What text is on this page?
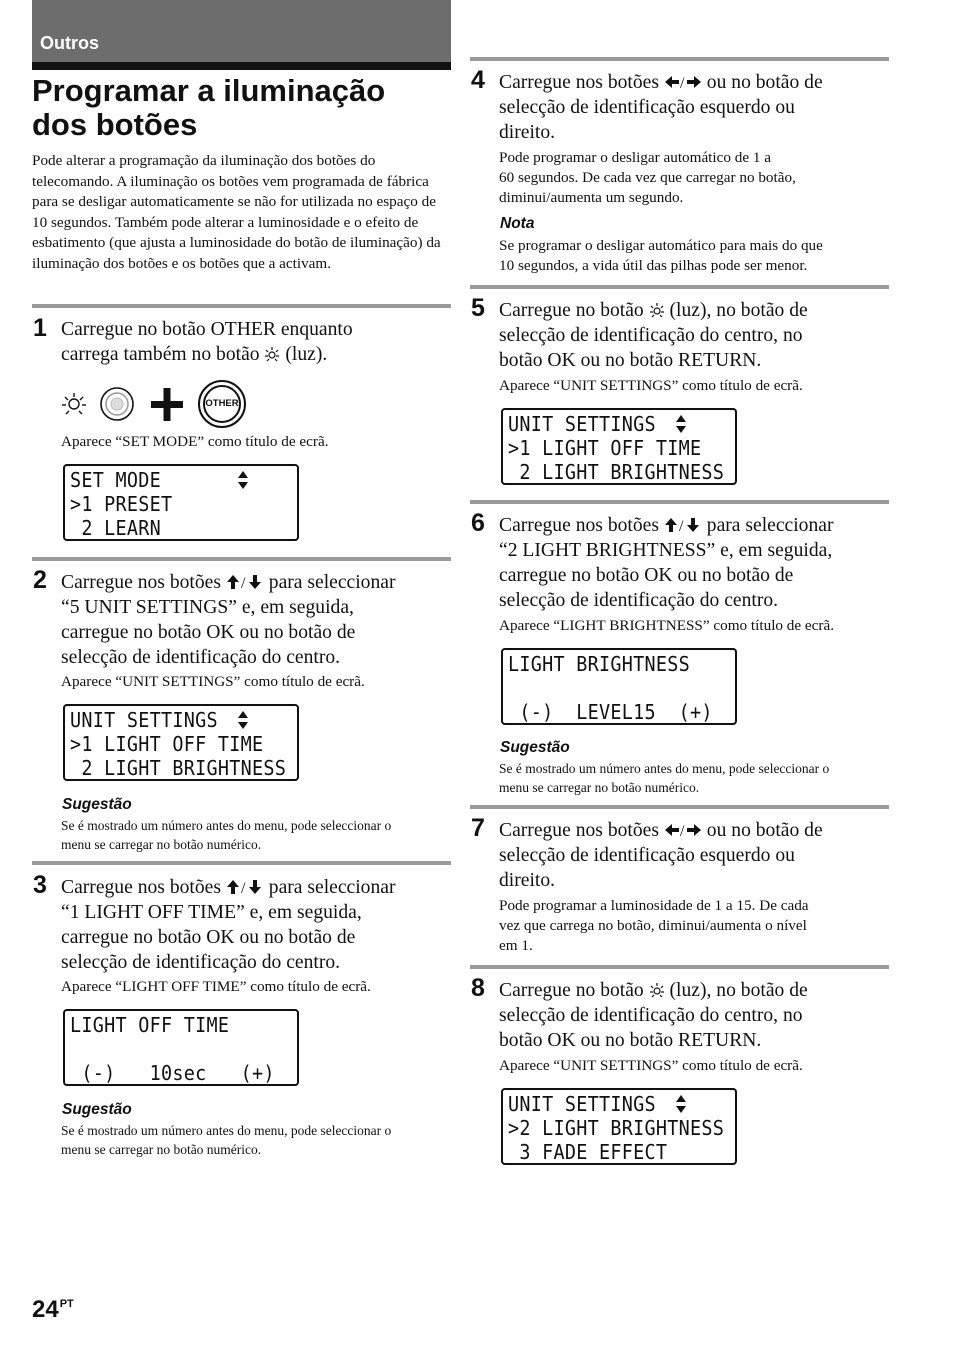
Outros
Programar a iluminação
dos botões
Pode alterar a programação da iluminação dos botões do telecomando. A iluminação os botões vem programada de fábrica para se desligar automaticamente se não for utilizada no espaço de 10 segundos. Também pode alterar a luminosidade e o efeito de esbatimento (que ajusta a luminosidade do botão de iluminação) da iluminação dos botões e os botões que a activam.
1 Carregue no botão OTHER enquanto
carrega também no botão  (luz).
OTHER
Aparece “SET MODE” como título de ecrã.
SET MODE
>1 PRESET
2 LEARN
2 Carregue nos botões / para seleccionar
“5 UNIT SETTINGS” e, em seguida,
carregue no botão OK ou no botão de
selecção de identificação do centro.
Aparece “UNIT SETTINGS” como título de ecrã.
UNIT SETTINGS
>1 LIGHT OFF TIME
2 LIGHT BRIGHTNESS
Sugestão
Se é mostrado um número antes do menu, pode seleccionar o
menu se carregar no botão numérico.
3 Carregue nos botões / para seleccionar
“1 LIGHT OFF TIME” e, em seguida,
carregue no botão OK ou no botão de
selecção de identificação do centro.
Aparece “LIGHT OFF TIME” como título de ecrã.
LIGHT OFF TIME
(-)   10sec   (+)
Sugestão
Se é mostrado um número antes do menu, pode seleccionar o
menu se carregar no botão numérico.
4 Carregue nos botões / ou no botão de
selecção de identificação esquerdo ou
direito.
Pode programar o desligar automático de 1 a
60 segundos. De cada vez que carregar no botão,
diminui/aumenta um segundo.
Nota
Se programar o desligar automático para mais do que
10 segundos, a vida útil das pilhas pode ser menor.
5 Carregue no botão  (luz), no botão de
selecção de identificação do centro, no
botão OK ou no botão RETURN.
Aparece “UNIT SETTINGS” como título de ecrã.
UNIT SETTINGS
>1 LIGHT OFF TIME
2 LIGHT BRIGHTNESS
6 Carregue nos botões / para seleccionar
“2 LIGHT BRIGHTNESS” e, em seguida,
carregue no botão OK ou no botão de
selecção de identificação do centro.
Aparece “LIGHT BRIGHTNESS” como título de ecrã.
LIGHT BRIGHTNESS
(-)  LEVEL15  (+)
Sugestão
Se é mostrado um número antes do menu, pode seleccionar o
menu se carregar no botão numérico.
7 Carregue nos botões / ou no botão de
selecção de identificação esquerdo ou
direito.
Pode programar a luminosidade de 1 a 15. De cada
vez que carrega no botão, diminui/aumenta o nível
em 1.
8 Carregue no botão  (luz), no botão de
selecção de identificação do centro, no
botão OK ou no botão RETURN.
Aparece “UNIT SETTINGS” como título de ecrã.
UNIT SETTINGS
>2 LIGHT BRIGHTNESS
3 FADE EFFECT
$24^{PT}$
